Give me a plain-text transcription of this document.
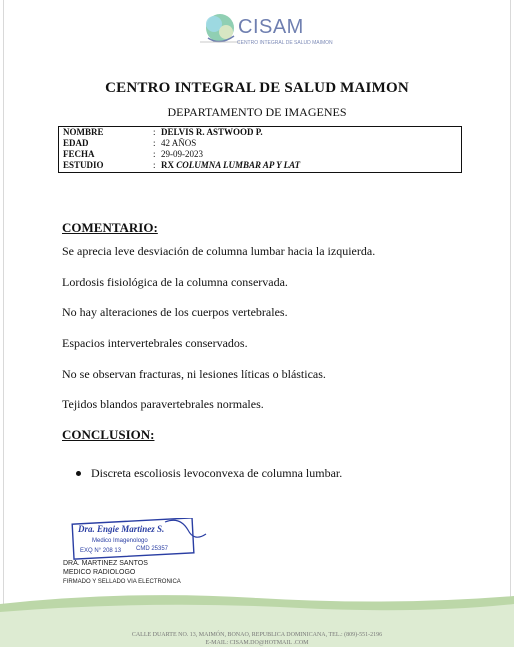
CISAM
CENTRO INTEGRAL DE SALUD MAIMON
CENTRO INTEGRAL DE SALUD MAIMON
DEPARTAMENTO DE IMAGENES
NOMBRE	: DELVIS R. ASTWOOD P.
EDAD	: 42 AÑOS
FECHA	: 29-09-2023
ESTUDIO	: RX COLUMNA LUMBAR AP Y LAT
COMENTARIO:
Se aprecia leve desviación de columna lumbar hacia la izquierda.
Lordosis fisiológica de la columna conservada.
No hay alteraciones de los cuerpos vertebrales.
Espacios intervertebrales conservados.
No se observan fracturas, ni lesiones líticas o blásticas.
Tejidos blandos paravertebrales normales.
CONCLUSION:
Discreta escoliosis levoconvexa de columna lumbar.
Dra. Engie Martinez S.
Medico Imagenologo
EXQ N° 208 13 CMD 25357
DRA. MARTINEZ SANTOS
MEDICO RADIOLOGO
FIRMADO Y SELLADO VIA ELECTRONICA
CALLE DUARTE NO. 13, MAIMÓN, BONAO, REPUBLICA DOMINICANA, TEL.: (809)-551-2196
E-MAIL: CISAM.DO@HOTMAIL .COM
